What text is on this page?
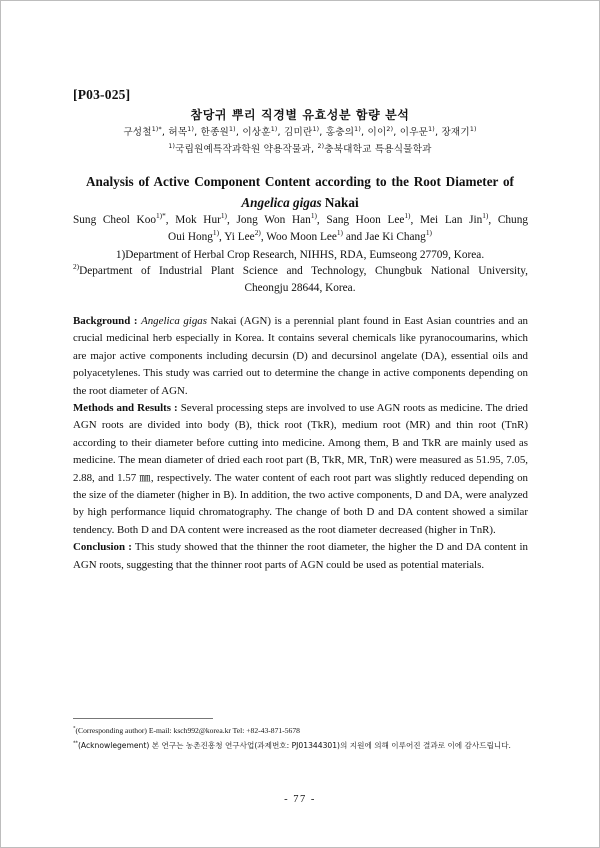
[P03-025]
참당귀 뿌리 직경별 유효성분 함량 분석
구성철$^{1)*}$, 허목$^{1)}$, 한종원$^{1)}$, 이상훈$^{1)}$, 김미란$^{1)}$, 홍충의$^{1)}$, 이이$^{2)}$, 이우문$^{1)}$, 장재기$^{1)}$
$^{1)}$국립원예특작과학원 약용작물과, $^{2)}$충북대학교 특용식물학과
Analysis of Active Component Content according to the Root Diameter of
Angelica gigas Nakai
Sung Cheol Koo$^{1)*}$, Mok Hur$^{1)}$, Jong Won Han$^{1)}$, Sang Hoon Lee$^{1)}$, Mei Lan Jin$^{1)}$, Chung
Oui Hong$^{1)}$, Yi Lee$^{2)}$, Woo Moon Lee$^{1)}$ and Jae Ki Chang$^{1)}$
1)Department of Herbal Crop Research, NIHHS, RDA, Eumseong 27709, Korea.
$^{2)}$Department of Industrial Plant Science and Technology, Chungbuk National University,
Cheongju 28644, Korea.

Background : Angelica gigas Nakai (AGN) is a perennial plant found in East Asian countries and an crucial medicinal herb especially in Korea. It contains several chemicals like pyranocoumarins, which are major active components including decursin (D) and decursinol angelate (DA), essential oils and polyacetylenes. This study was carried out to determine the change in active components depending on the root diameter of AGN.

Methods and Results : Several processing steps are involved to use AGN roots as medicine. The dried AGN roots are divided into body (B), thick root (TkR), medium root (MR) and thin root (TnR) according to their diameter before cutting into medicine. Among them, B and TkR are mainly used as medicine. The mean diameter of dried each root part (B, TkR, MR, TnR) were measured as 51.95, 7.05, 2.88, and 1.57 ㎜, respectively. The water content of each root part was slightly reduced depending on the size of the diameter (higher in B). In addition, the two active components, D and DA, were analyzed by high performance liquid chromatography. The change of both D and DA content showed a similar tendency. Both D and DA content were increased as the root diameter decreased (higher in TnR).

Conclusion : This study showed that the thinner the root diameter, the higher the D and DA content in AGN roots, suggesting that the thinner root parts of AGN could be used as potential materials.

*(Corresponding author) E-mail: ksch992@korea.kr Tel: +82-43-871-5678
**(Acknowlegement) 본 연구는 농촌진흥청 연구사업(과제번호: PJ01344301)의 지원에 의해 이루어진 결과로 이에 감사드립니다.
- 77 -
